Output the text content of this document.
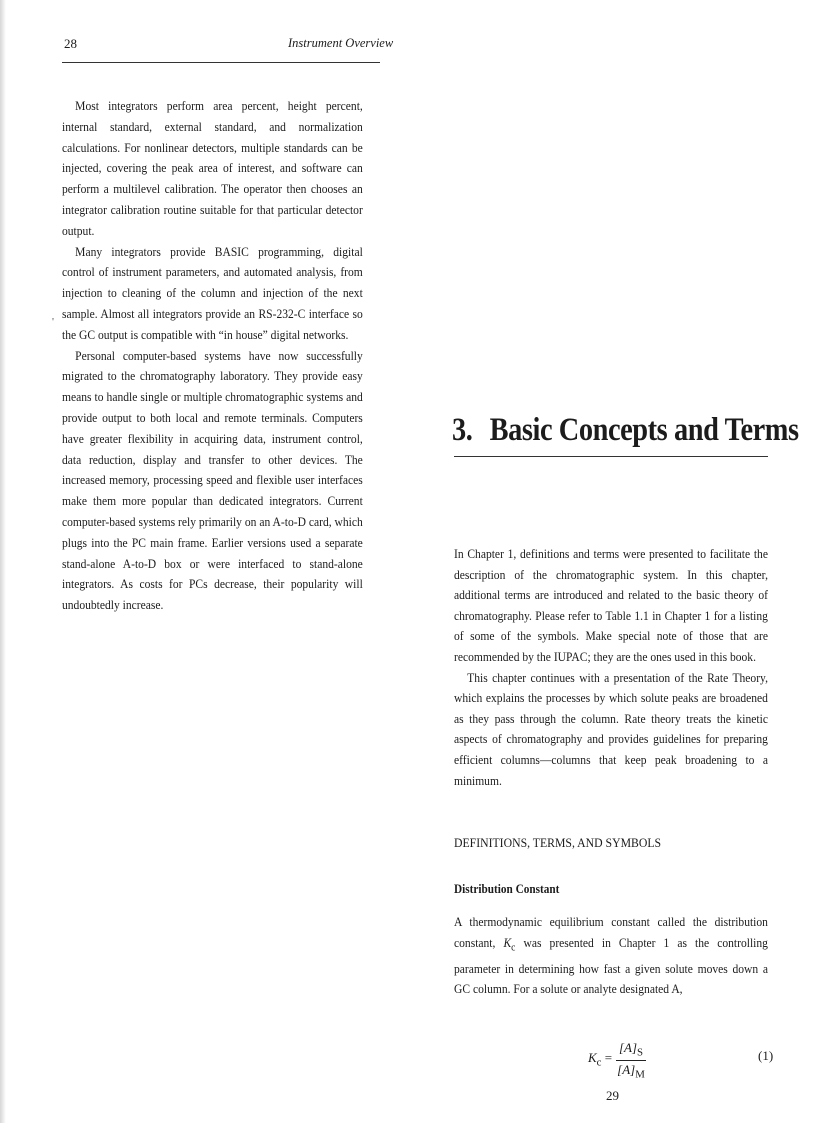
28	Instrument Overview
'

Most integrators perform area percent, height percent, internal standard, external standard, and normalization calculations. For nonlinear detectors, multiple standards can be injected, covering the peak area of interest, and software can perform a multilevel calibration. The operator then chooses an integrator calibration routine suitable for that particular detector output.

Many integrators provide BASIC programming, digital control of instrument parameters, and automated analysis, from injection to cleaning of the column and injection of the next sample. Almost all integrators provide an RS-232-C interface so the GC output is compatible with “in house” digital networks.

Personal computer-based systems have now successfully migrated to the chromatography laboratory. They provide easy means to handle single or multiple chromatographic systems and provide output to both local and remote terminals. Computers have greater flexibility in acquiring data, instrument control, data reduction, display and transfer to other devices. The increased memory, processing speed and flexible user interfaces make them more popular than dedicated integrators. Current computer-based systems rely primarily on an A-to-D card, which plugs into the PC main frame. Earlier versions used a separate stand-alone A-to-D box or were interfaced to stand-alone integrators. As costs for PCs decrease, their popularity will undoubtedly increase.

3. Basic Concepts and Terms

In Chapter 1, definitions and terms were presented to facilitate the description of the chromatographic system. In this chapter, additional terms are introduced and related to the basic theory of chromatography. Please refer to Table 1.1 in Chapter 1 for a listing of some of the symbols. Make special note of those that are recommended by the IUPAC; they are the ones used in this book.

This chapter continues with a presentation of the Rate Theory, which explains the processes by which solute peaks are broadened as they pass through the column. Rate theory treats the kinetic aspects of chromatography and provides guidelines for preparing efficient columns—columns that keep peak broadening to a minimum.

DEFINITIONS, TERMS, AND SYMBOLS
Distribution Constant

A thermodynamic equilibrium constant called the distribution constant, $K_c$ was presented in Chapter 1 as the controlling parameter in determining how fast a given solute moves down a GC column. For a solute or analyte designated A,

$K_c$ =
$[A]_S$
$[A]_M$
(1)
29
